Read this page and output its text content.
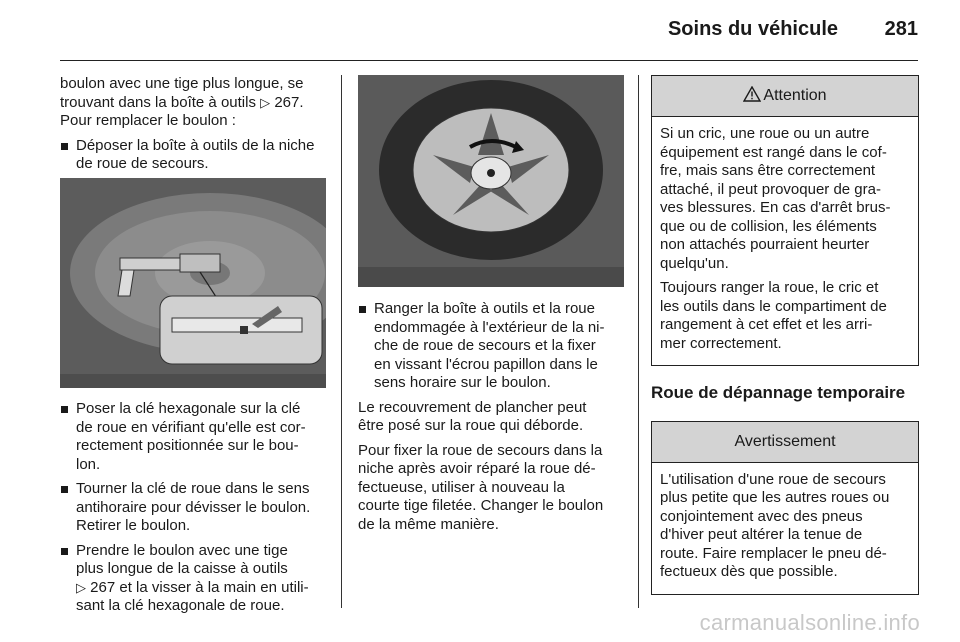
Soins du véhicule 281

boulon avec une tige plus longue, se
trouvant dans la boîte à outils ▷ 267.
Pour remplacer le boulon :

Déposer la boîte à outils de la niche
de roue de secours.
Poser la clé hexagonale sur la clé
de roue en vérifiant qu'elle est cor-
rectement positionnée sur le bou-
lon.
Tourner la clé de roue dans le sens
antihoraire pour dévisser le boulon.
Retirer le boulon.
Prendre le boulon avec une tige
plus longue de la caisse à outils
▷ 267 et la visser à la main en utili-
sant la clé hexagonale de roue.
Ranger la boîte à outils et la roue
endommagée à l'extérieur de la ni-
che de roue de secours et la fixer
en vissant l'écrou papillon dans le
sens horaire sur le boulon.

Le recouvrement de plancher peut
être posé sur la roue qui déborde.

Pour fixer la roue de secours dans la
niche après avoir réparé la roue dé-
fectueuse, utiliser à nouveau la
courte tige filetée. Changer le boulon
de la même manière.

Attention

Si un cric, une roue ou un autre
équipement est rangé dans le cof-
fre, mais sans être correctement
attaché, il peut provoquer de gra-
ves blessures. En cas d'arrêt brus-
que ou de collision, les éléments
non attachés pourraient heurter
quelqu'un.

Toujours ranger la roue, le cric et
les outils dans le compartiment de
rangement à cet effet et les arri-
mer correctement.

Roue de dépannage temporaire
Avertissement

L'utilisation d'une roue de secours
plus petite que les autres roues ou
conjointement avec des pneus
d'hiver peut altérer la tenue de
route. Faire remplacer le pneu dé-
fectueux dès que possible.

carmanualsonline.info
